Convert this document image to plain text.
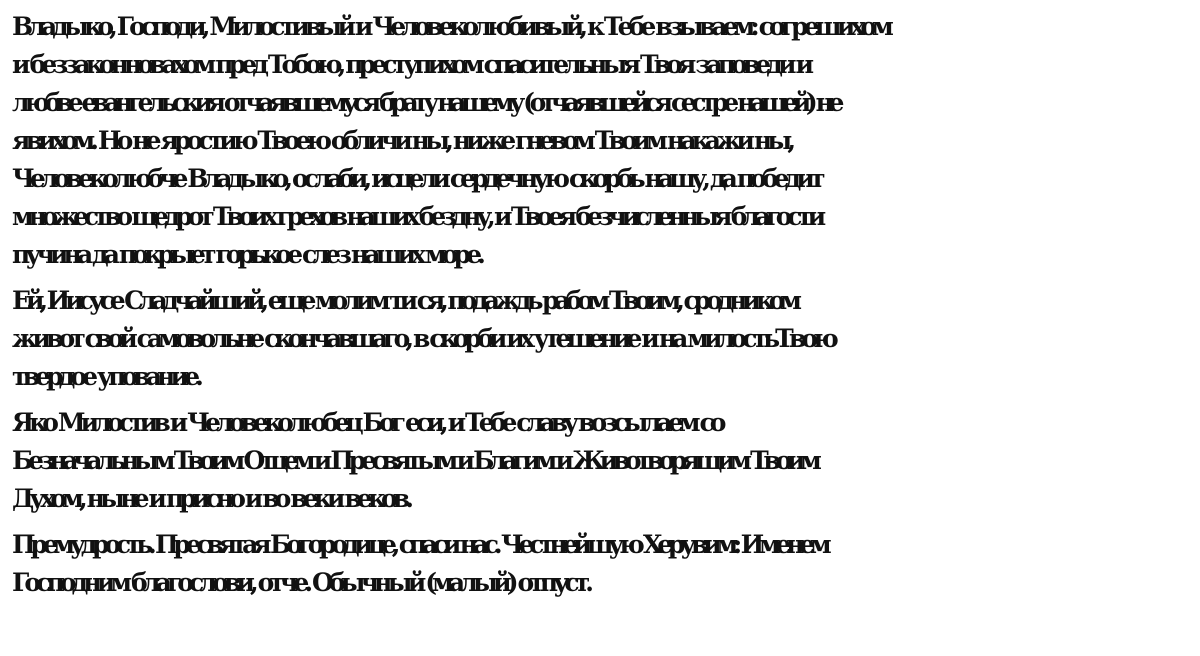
Владыко, Господи, Милостивый и Человеколюбивый, к Тебе взываем: согрешихом
и беззаконновахом пред Тобою, преступихом спасительныя Твоя заповеди и
любве евангельския отчаявшемуся брату нашему (отчаявшейся сестре нашей) не
явихом. Но не яростию Твоею обличи ны, ниже гневом Твоим накажи ны,
Человеколюбче Владыко, ослаби, исцели сердечную скорбь нашу, да победит
множество щедрот Твоих грехов наших бездну, и Твоея безчисленныя благости
пучина да покрыет горькое слез наших море.

Ей, Иисусе Сладчайший, еще молим ти ся, подаждь рабом Твоим, сродником
живот свой самовольне скончавшаго, в скорби их утешение и на милостьТвою
твердое упование.

Яко Милостив и Человеколюбец Бог еси, и Тебе славу возсылаем со
Безначальным Твоим Отцем и Пресвятым и Благим и Животворящим Твоим
Духом, ныне и присно и во веки веков.

Премудрость. Пресвятая Богородице, спаси нас. Честнейшую Херувим: Именем
Господним благослови, отче. Обычный (малый) отпуст.
